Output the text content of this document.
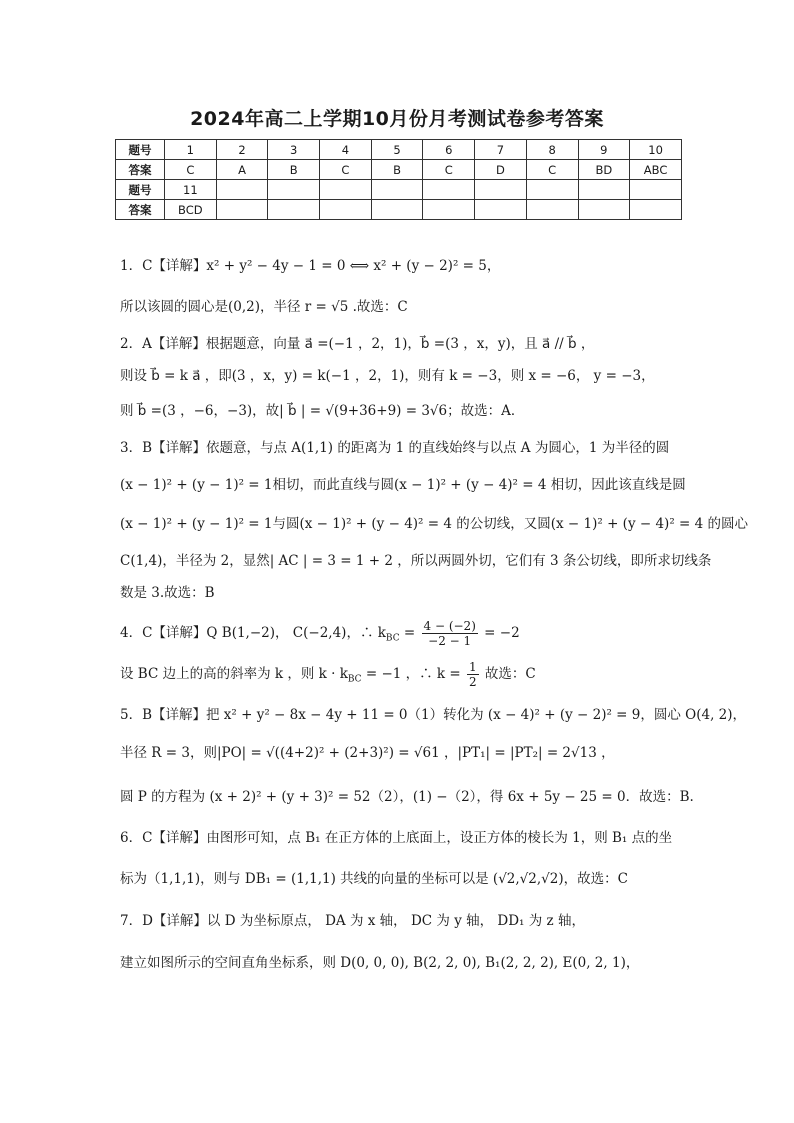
2024年高二上学期10月份月考测试卷参考答案
题号	1	2	3	4	5	6	7	8	9	10
答案	C	A	B	C	B	C	D	C	BD	ABC
题号	11									
答案	BCD									
1．C【详解】x² + y² − 4y − 1 = 0 ⟺ x² + (y − 2)² = 5，
所以该圆的圆心是(0,2)，半径 r = √5 .故选：C
2．A【详解】根据题意，向量 a⃗ =(−1 ，2，1)，b⃗ =(3 ，x，y)，且 a⃗ // b⃗ ，
则设 b⃗ = k a⃗ ，即(3 ，x，y) = k(−1 ，2，1)，则有 k = −3，则 x = −6， y = −3，
则 b⃗ =(3 ，−6，−3)，故| b⃗ | = √(9+36+9) = 3√6；故选：A．
3．B【详解】依题意，与点 A(1,1) 的距离为 1 的直线始终与以点 A 为圆心，1 为半径的圆
(x − 1)² + (y − 1)² = 1相切，而此直线与圆(x − 1)² + (y − 4)² = 4 相切，因此该直线是圆
(x − 1)² + (y − 1)² = 1与圆(x − 1)² + (y − 4)² = 4 的公切线，又圆(x − 1)² + (y − 4)² = 4 的圆心
C(1,4)，半径为 2，显然| AC | = 3 = 1 + 2 ，所以两圆外切，它们有 3 条公切线，即所求切线条
数是 3.故选：B
4．C【详解】Q B(1,−2)， C(−2,4)，∴ $k_{BC} = \frac{4 - (-2)}{-2 - 1} = -2$
设 BC 边上的高的斜率为 k ，则 $k \cdot k_{BC} = -1$ ，∴ $k = \frac{1}{2}$ 故选：C
5．B【详解】把 x² + y² − 8x − 4y + 11 = 0（1）转化为 (x − 4)² + (y − 2)² = 9，圆心 O(4, 2)，
半径 R = 3，则|PO| = √((4+2)² + (2+3)²) = √61 ，|PT₁| = |PT₂| = 2√13 ，
圆 P 的方程为 (x + 2)² + (y + 3)² = 52（2），(1) −（2），得 6x + 5y − 25 = 0．故选：B.
6．C【详解】由图形可知，点 B₁ 在正方体的上底面上，设正方体的棱长为 1，则 B₁ 点的坐
标为（1,1,1)，则与 DB₁ = (1,1,1) 共线的向量的坐标可以是 (√2,√2,√2)，故选：C
7．D【详解】以 D 为坐标原点， DA 为 x 轴， DC 为 y 轴， DD₁ 为 z 轴，
建立如图所示的空间直角坐标系，则 D(0, 0, 0), B(2, 2, 0), B₁(2, 2, 2), E(0, 2, 1)，
